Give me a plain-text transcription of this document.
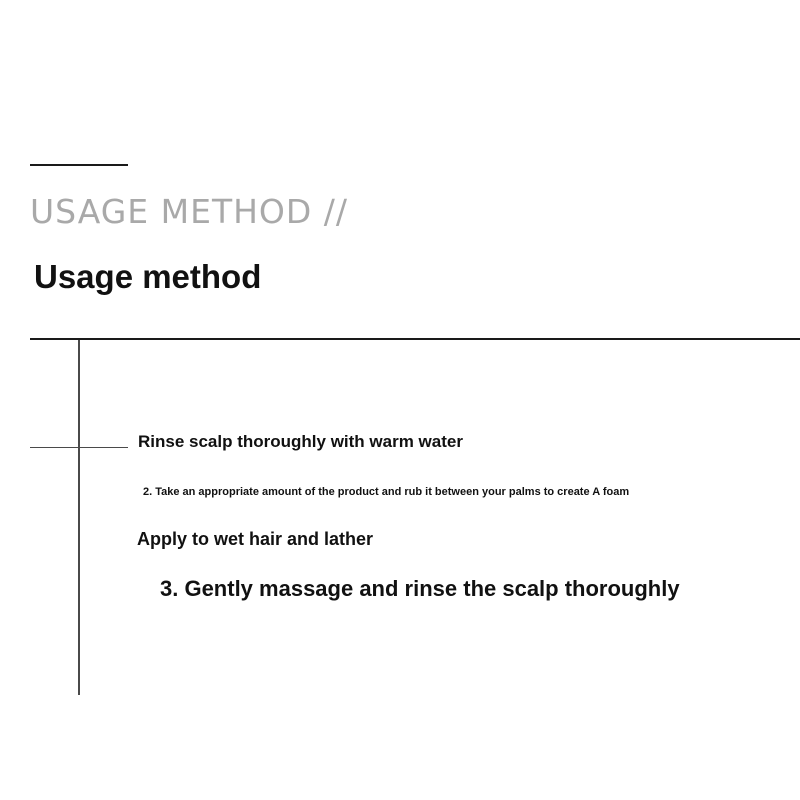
USAGE METHOD //
Usage method

Rinse scalp thoroughly with warm water

2. Take an appropriate amount of the product and rub it between your palms to create A foam

Apply to wet hair and lather

3. Gently massage and rinse the scalp thoroughly
